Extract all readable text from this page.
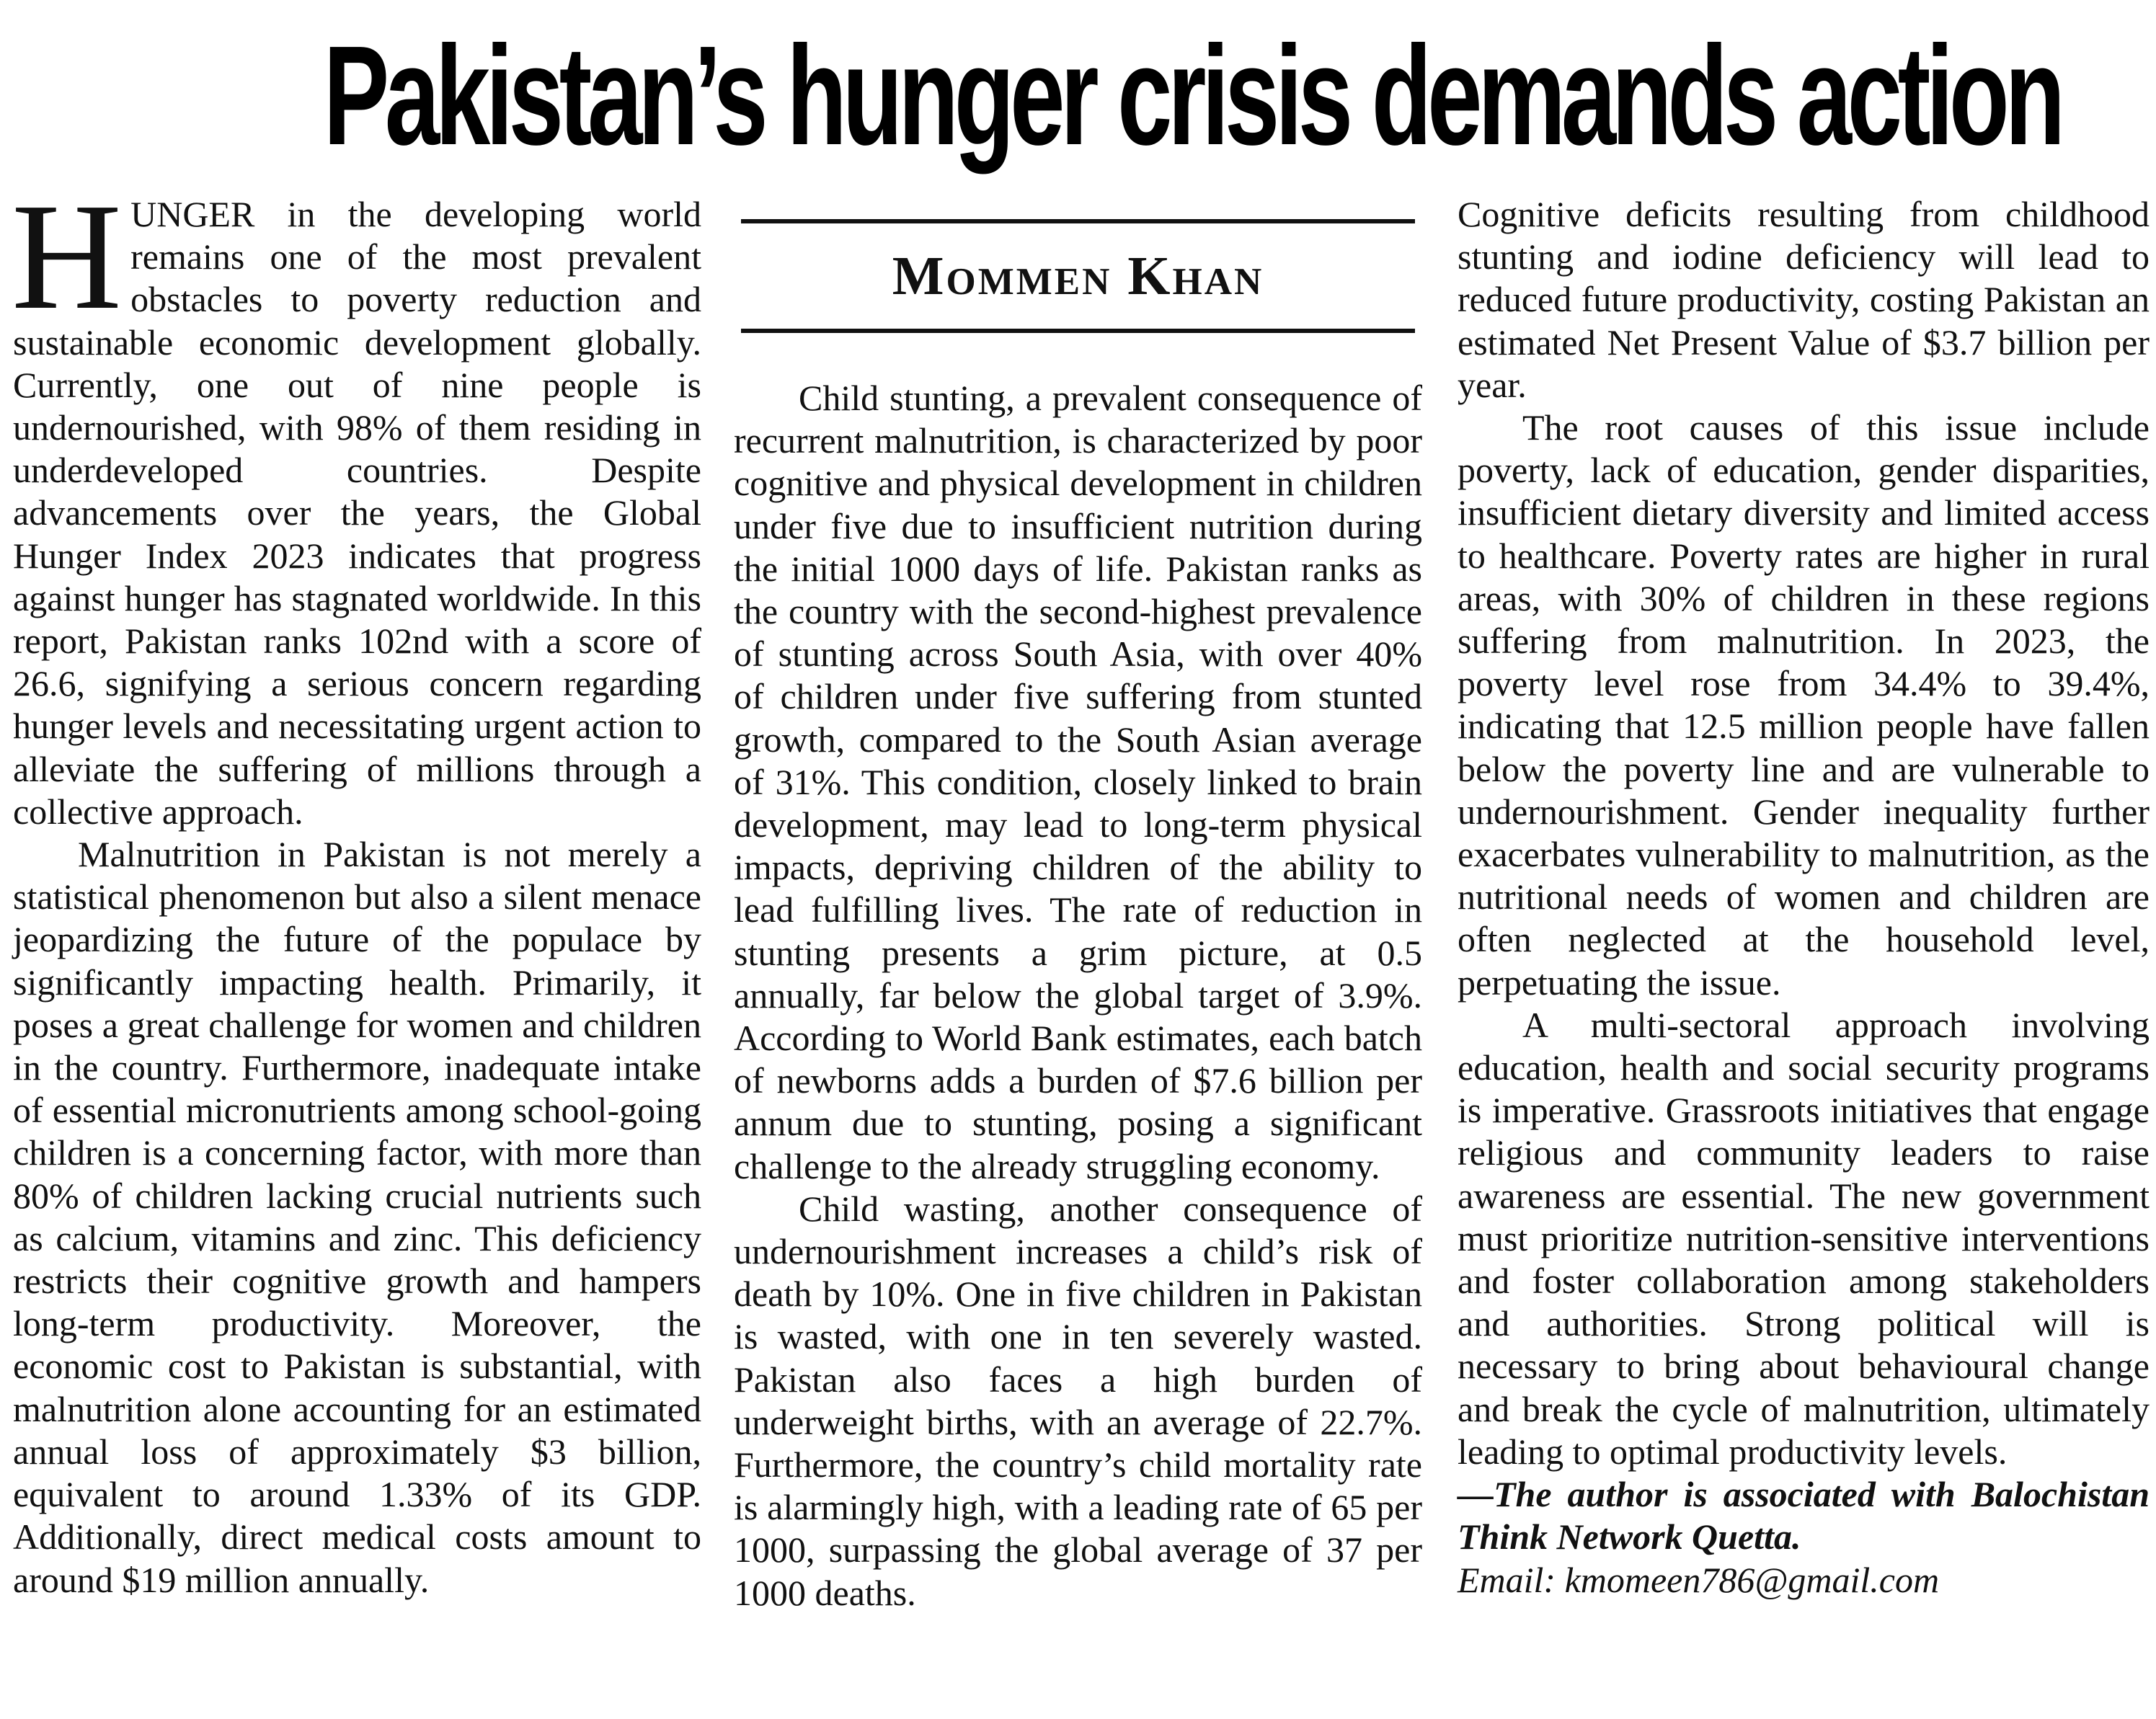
Pakistan’s hunger crisis demands action

HUNGER in the developing world remains one of the most prevalent obstacles to poverty reduction and sustainable economic development globally. Currently, one out of nine people is undernourished, with 98% of them residing in underdeveloped countries. Despite advancements over the years, the Global Hunger Index 2023 indicates that progress against hunger has stagnated worldwide. In this report, Pakistan ranks 102nd with a score of 26.6, signifying a serious concern regarding hunger levels and necessitating urgent action to alleviate the suffering of millions through a collective approach.

Malnutrition in Pakistan is not merely a statistical phenomenon but also a silent menace jeopardizing the future of the populace by significantly impacting health. Primarily, it poses a great challenge for women and children in the country. Furthermore, inadequate intake of essential micronutrients among school-going children is a concerning factor, with more than 80% of children lacking crucial nutrients such as calcium, vitamins and zinc. This deficiency restricts their cognitive growth and hampers long-term productivity. Moreover, the economic cost to Pakistan is substantial, with malnutrition alone accounting for an estimated annual loss of approximately $3 billion, equivalent to around 1.33% of its GDP. Additionally, direct medical costs amount to around $19 million annually.

Mommen Khan

Child stunting, a prevalent consequence of recurrent malnutrition, is characterized by poor cognitive and physical development in children under five due to insufficient nutrition during the initial 1000 days of life. Pakistan ranks as the country with the second-highest prevalence of stunting across South Asia, with over 40% of children under five suffering from stunted growth, compared to the South Asian average of 31%. This condition, closely linked to brain development, may lead to long-term physical impacts, depriving children of the ability to lead fulfilling lives. The rate of reduction in stunting presents a grim picture, at 0.5 annually, far below the global target of 3.9%. According to World Bank estimates, each batch of newborns adds a burden of $7.6 billion per annum due to stunting, posing a significant challenge to the already struggling economy.

Child wasting, another consequence of undernourishment increases a child’s risk of death by 10%. One in five children in Pakistan is wasted, with one in ten severely wasted. Pakistan also faces a high burden of underweight births, with an average of 22.7%. Furthermore, the country’s child mortality rate is alarmingly high, with a leading rate of 65 per 1000, surpassing the global average of 37 per 1000 deaths.

Cognitive deficits resulting from childhood stunting and iodine deficiency will lead to reduced future productivity, costing Pakistan an estimated Net Present Value of $3.7 billion per year.

The root causes of this issue include poverty, lack of education, gender disparities, insufficient dietary diversity and limited access to healthcare. Poverty rates are higher in rural areas, with 30% of children in these regions suffering from malnutrition. In 2023, the poverty level rose from 34.4% to 39.4%, indicating that 12.5 million people have fallen below the poverty line and are vulnerable to undernourishment. Gender inequality further exacerbates vulnerability to malnutrition, as the nutritional needs of women and children are often neglected at the household level, perpetuating the issue.

A multi-sectoral approach involving education, health and social security programs is imperative. Grassroots initiatives that engage religious and community leaders to raise awareness are essential. The new government must prioritize nutrition-sensitive interventions and foster collaboration among stakeholders and authorities. Strong political will is necessary to bring about behavioural change and break the cycle of malnutrition, ultimately leading to optimal productivity levels.

—The author is associated with Balochistan Think Network Quetta.

Email: kmomeen786@gmail.com
